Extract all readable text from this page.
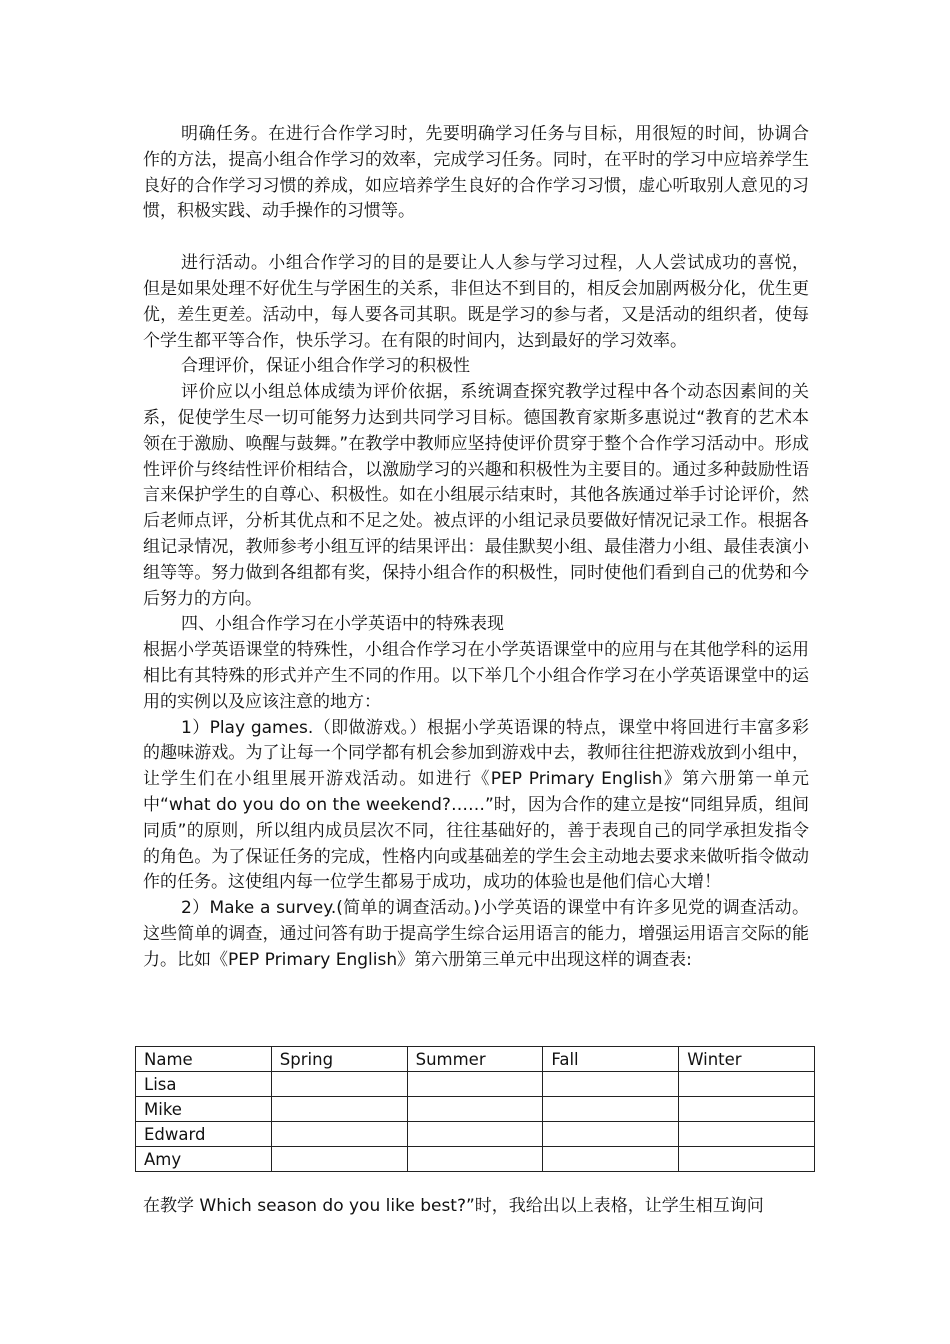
明确任务。在进行合作学习时，先要明确学习任务与目标，用很短的时间，协调合作的方法，提高小组合作学习的效率，完成学习任务。同时，在平时的学习中应培养学生良好的合作学习习惯的养成，如应培养学生良好的合作学习习惯，虚心听取别人意见的习惯，积极实践、动手操作的习惯等。

进行活动。小组合作学习的目的是要让人人参与学习过程，人人尝试成功的喜悦，但是如果处理不好优生与学困生的关系，非但达不到目的，相反会加剧两极分化，优生更优，差生更差。活动中，每人要各司其职。既是学习的参与者，又是活动的组织者，使每个学生都平等合作，快乐学习。在有限的时间内，达到最好的学习效率。

合理评价，保证小组合作学习的积极性

评价应以小组总体成绩为评价依据，系统调查探究教学过程中各个动态因素间的关系，促使学生尽一切可能努力达到共同学习目标。德国教育家斯多惠说过“教育的艺术本领在于激励、唤醒与鼓舞。”在教学中教师应坚持使评价贯穿于整个合作学习活动中。形成性评价与终结性评价相结合，以激励学习的兴趣和积极性为主要目的。通过多种鼓励性语言来保护学生的自尊心、积极性。如在小组展示结束时，其他各族通过举手讨论评价，然后老师点评，分析其优点和不足之处。被点评的小组记录员要做好情况记录工作。根据各组记录情况，教师参考小组互评的结果评出：最佳默契小组、最佳潜力小组、最佳表演小组等等。努力做到各组都有奖，保持小组合作的积极性，同时使他们看到自己的优势和今后努力的方向。

四、小组合作学习在小学英语中的特殊表现

根据小学英语课堂的特殊性，小组合作学习在小学英语课堂中的应用与在其他学科的运用相比有其特殊的形式并产生不同的作用。以下举几个小组合作学习在小学英语课堂中的运用的实例以及应该注意的地方：

1）Play games.（即做游戏。）根据小学英语课的特点，课堂中将回进行丰富多彩的趣味游戏。为了让每一个同学都有机会参加到游戏中去，教师往往把游戏放到小组中，让学生们在小组里展开游戏活动。如进行《PEP Primary English》第六册第一单元中“what do you do on the weekend?……”时，因为合作的建立是按“同组异质，组间同质”的原则，所以组内成员层次不同，往往基础好的，善于表现自己的同学承担发指令的角色。为了保证任务的完成，性格内向或基础差的学生会主动地去要求来做听指令做动作的任务。这使组内每一位学生都易于成功，成功的体验也是他们信心大增！

2）Make a survey.(简单的调查活动。)小学英语的课堂中有许多见党的调查活动。这些简单的调查，通过问答有助于提高学生综合运用语言的能力，增强运用语言交际的能力。比如《PEP Primary English》第六册第三单元中出现这样的调查表:

Name	Spring	Summer	Fall	Winter
Lisa				
Mike				
Edward				
Amy				

在教学 Which season do you like best?”时，我给出以上表格，让学生相互询问
